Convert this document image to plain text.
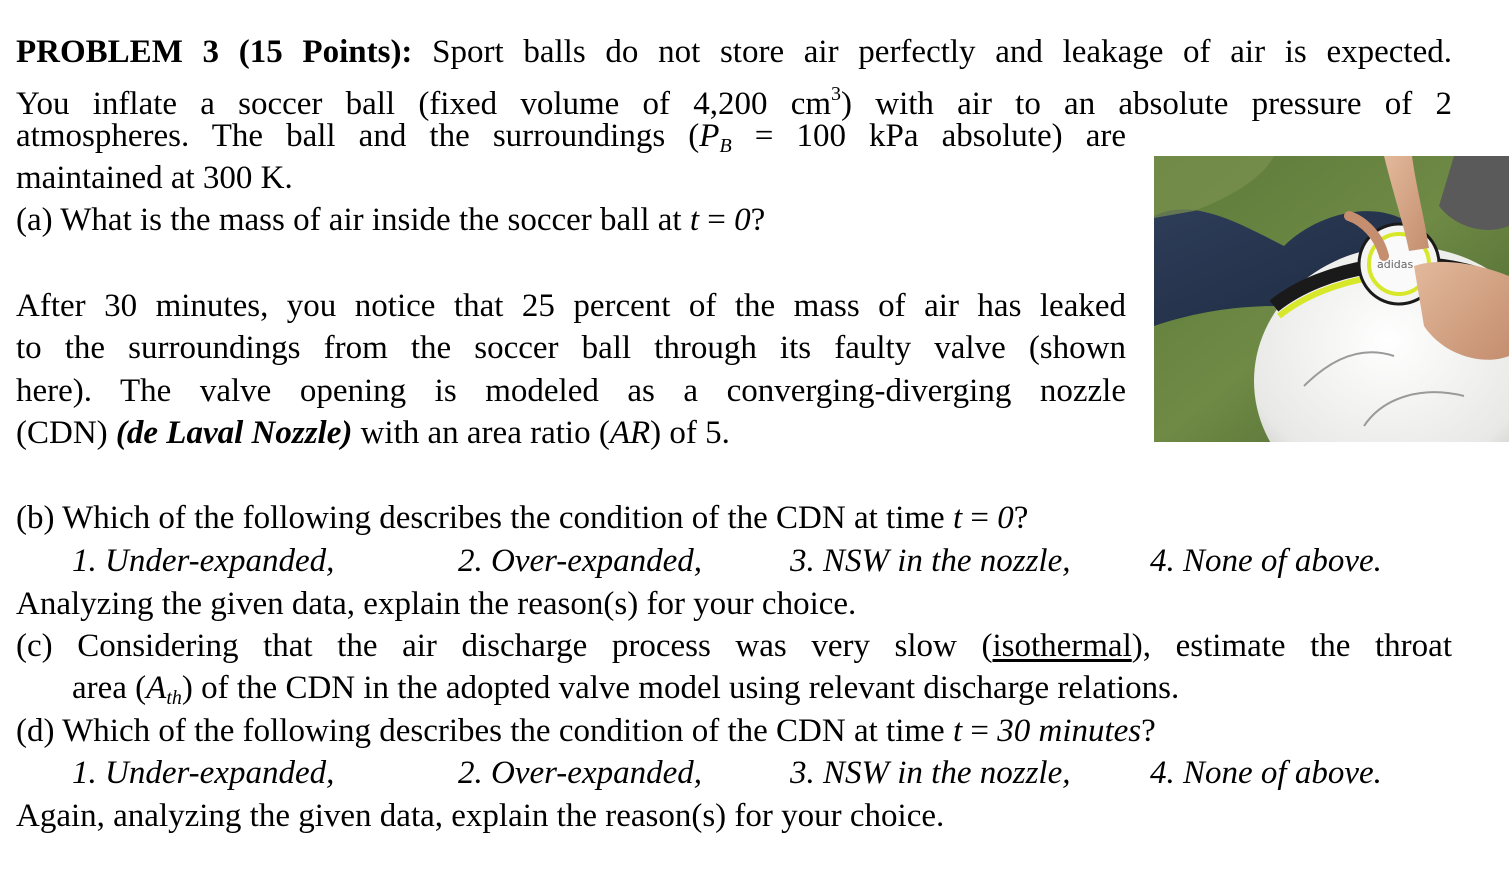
PROBLEM 3 (15 Points): Sport balls do not store air perfectly and leakage of air is expected.
You inflate a soccer ball (fixed volume of 4,200 $cm^3$) with air to an absolute pressure of 2
atmospheres. The ball and the surroundings ($P_B = 100$ kPa absolute) are
maintained at 300 K.
(a) What is the mass of air inside the soccer ball at t = 0?
After 30 minutes, you notice that 25 percent of the mass of air has leaked
to the surroundings from the soccer ball through its faulty valve (shown
here). The valve opening is modeled as a converging-diverging nozzle
(CDN) (de Laval Nozzle) with an area ratio (AR) of 5.
adidas
(b) Which of the following describes the condition of the CDN at time t = 0?
1. Under-expanded,	2. Over-expanded,	3. NSW in the nozzle, 4. None of above.
Analyzing the given data, explain the reason(s) for your choice.
(c) Considering that the air discharge process was very slow (isothermal), estimate the throat
area $(A_{th})$ of the CDN in the adopted valve model using relevant discharge relations.
(d) Which of the following describes the condition of the CDN at time t = 30 minutes?
1. Under-expanded,	2. Over-expanded,	3. NSW in the nozzle, 4. None of above.
Again, analyzing the given data, explain the reason(s) for your choice.
